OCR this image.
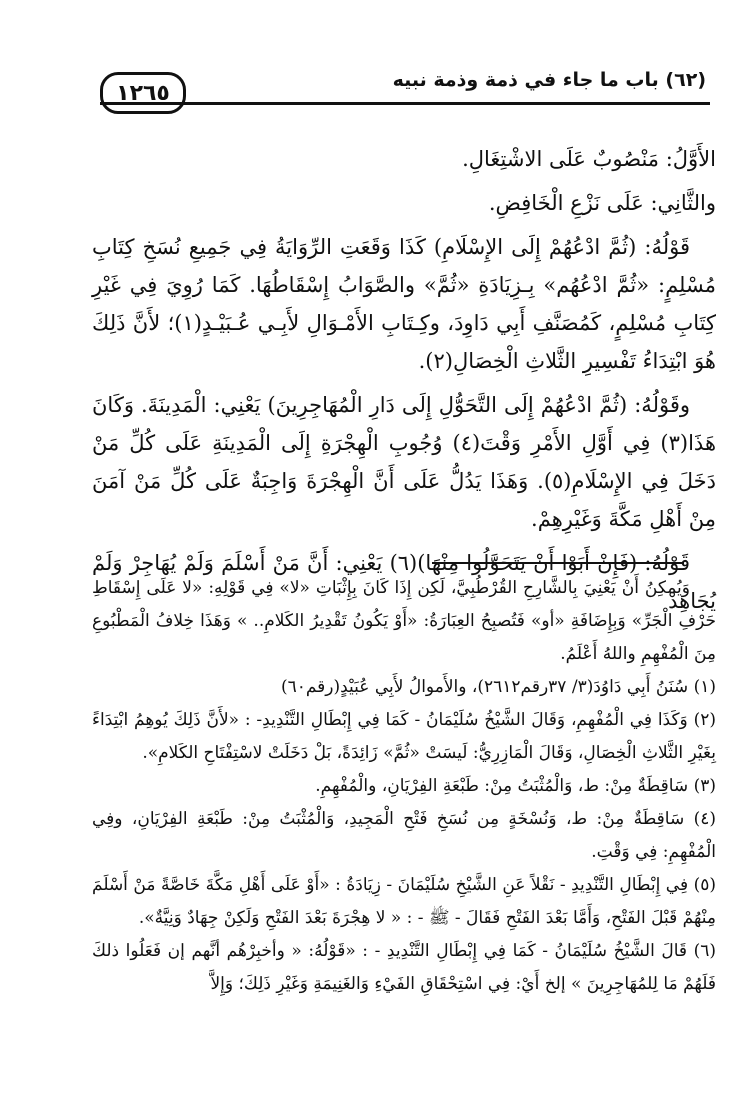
(٦٢) باب ما جاء في ذمة وذمة نبيه
١٢٦٥

الأَوَّلُ: مَنْصُوبٌ عَلَى الاشْتِغَالِ.

والثَّانِي: عَلَى نَزْعِ الْخَافِضِ.

قَوْلُهُ: (ثُمَّ ادْعُهُمْ إِلَى الإِسْلَامِ) كَذَا وَقَعَتِ الرِّوَايَةُ فِي جَمِيعِ نُسَخِ كِتَابِ مُسْلِمٍ: «ثُمَّ ادْعُهُم» بِـزِيَادَةِ «ثُمَّ» والصَّوَابُ إِسْقَاطُهَا. كَمَا رُوِيَ فِي غَيْرِ كِتَابِ مُسْلِمٍ، كَمُصَنَّفِ أَبِي دَاوِدَ، وكِـتَابِ الأَمْـوَالِ لأَبِـي عُـبَيْـدٍ(١)؛ لأَنَّ ذَلِكَ هُوَ ابْتِدَاءُ تَفْسِيرِ الثَّلاثِ الْخِصَالِ(٢).

وقَوْلُهُ: (ثُمَّ ادْعُهُمْ إِلَى التَّحَوُّلِ إِلَى دَارِ الْمُهَاجِرِينَ) يَعْنِي: الْمَدِينَةَ. وَكَانَ هَذَا(٣) فِي أَوَّلِ الأَمْرِ وَقْتَ(٤) وُجُوبِ الْهِجْرَةِ إِلَى الْمَدِينَةِ عَلَى كُلِّ مَنْ دَخَلَ فِي الإِسْلَامِ(٥). وَهَذَا يَدُلُّ عَلَى أَنَّ الْهِجْرَةَ وَاجِبَةٌ عَلَى كُلِّ مَنْ آمَنَ مِنْ أَهْلِ مَكَّةَ وَغَيْرِهِمْ.

قَوْلُهُ: (فَإِنْ أَبَوْا أَنْ يَتَحَوَّلُوا مِنْهَا)(٦) يَعْنِي: أَنَّ مَنْ أَسْلَمَ وَلَمْ يُهَاجِرْ وَلَمْ يُجَاهِدْ

وَيُمكِنُ أَنْ يَعْنِيَ بِالشَّارِحِ القُرْطُبِيَّ، لَكِن إِذَا كَانَ بِإِثْبَاتِ «لا» فِي قَوْلِهِ: «لا عَلَى إِسْقَاطِ حَرْفِ الْجَرِّ» وَبِإِضَافَةِ «أو» فَتُصبِحُ العِبَارَةُ: «أَوْ يَكُونُ تَقْدِيرُ الكَلامِ.. » وَهَذَا خِلافُ الْمَطْبُوعِ مِنَ الْمُفْهِمِ واللهُ أَعْلَمُ.

(١) سُنَنُ أَبِي دَاوُدَ(٣/ ٣٧رقم٢٦١٢)، والأَموالُ لأَبِي عُبَيْدٍ(رقم٦٠)

(٢) وَكَذَا فِي الْمُفْهِمِ، وَقَالَ الشَّيْخُ سُلَيْمَانُ - كَمَا فِي إِبْطَالِ التَّنْدِيدِ- : «لأَنَّ ذَلِكَ يُوهِمُ ابْتِدَاءً بِغَيْرِ الثَّلاثِ الْخِصَالِ، وَقَالَ الْمَازِرِيُّ: لَيسَتْ «ثُمَّ» زَائِدَةً، بَلْ دَخَلَتْ لاسْتِفْتَاحِ الكَلامِ».

(٣) سَاقِطَةٌ مِنْ: ط، وَالْمُثْبَتُ مِنْ: طَبْعَةِ الفِرْيَانِ، والْمُفْهِمِ.

(٤) سَاقِطَةٌ مِنْ: ط، وَنُسْخَةٍ مِن نُسَخِ فَتْحِ الْمَجِيدِ، وَالْمُثْبَتُ مِنْ: طَبْعَةِ الفِرْيَانِ، وفِي الْمُفْهِمِ: فِي وَقْتِ.

(٥) فِي إِبْطَالِ التَّنْدِيدِ - نَقْلاً عَنِ الشَّيْخِ سُلَيْمَانَ - زِيَادَةُ : «أَوْ عَلَى أَهْلِ مَكَّةَ خَاصَّةً مَنْ أَسْلَمَ مِنْهُمْ قَبْلَ الفَتْحِ، وَأَمَّا بَعْدَ الفَتْحِ فَقَالَ - ﷺ - : « لا هِجْرَةَ بَعْدَ الفَتْحِ وَلَكِنْ جِهَادٌ وَنِيَّةٌ».

(٦) قَالَ الشَّيْخُ سُلَيْمَانُ - كَمَا فِي إِبْطَالِ التَّنْدِيدِ - : «قَوْلُهُ: « وأخبِرْهُم أنَّهم إن فَعَلُوا ذلكَ فَلَهُمْ مَا لِلمُهَاجِرِينَ » إلخ أَيْ: فِي اسْتِحْقَاقِ الفَيْءِ وَالغَنِيمَةِ وَغَيْرِ ذَلِكَ؛ وَإِلاَّ
